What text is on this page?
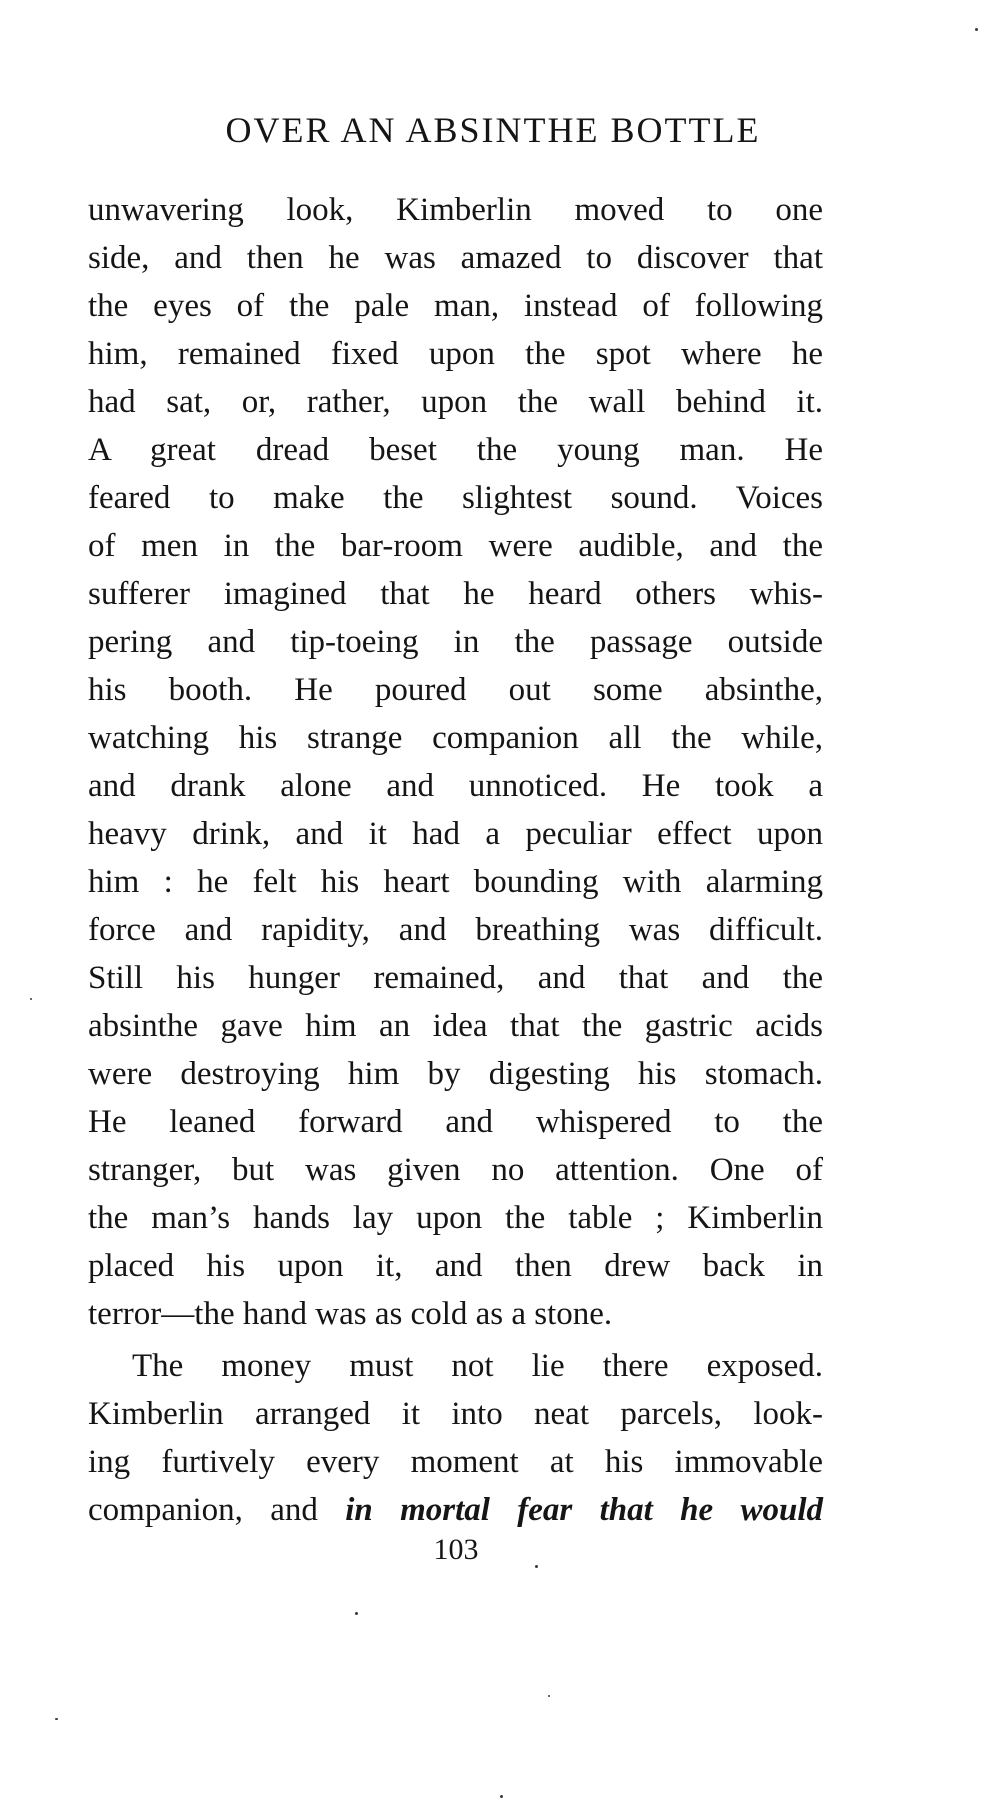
OVER AN ABSINTHE BOTTLE
unwavering look, Kimberlin moved to one
side, and then he was amazed to discover that
the eyes of the pale man, instead of following
him, remained fixed upon the spot where he
had sat, or, rather, upon the wall behind it.
A great dread beset the young man. He
feared to make the slightest sound. Voices
of men in the bar-room were audible, and the
sufferer imagined that he heard others whis-
pering and tip-toeing in the passage outside
his booth. He poured out some absinthe,
watching his strange companion all the while,
and drank alone and unnoticed. He took a
heavy drink, and it had a peculiar effect upon
him : he felt his heart bounding with alarming
force and rapidity, and breathing was difficult.
Still his hunger remained, and that and the
absinthe gave him an idea that the gastric acids
were destroying him by digesting his stomach.
He leaned forward and whispered to the
stranger, but was given no attention. One of
the man’s hands lay upon the table ; Kimberlin
placed his upon it, and then drew back in
terror—the hand was as cold as a stone.
The money must not lie there exposed.
Kimberlin arranged it into neat parcels, look-
ing furtively every moment at his immovable
companion, and in mortal fear that he would
103
